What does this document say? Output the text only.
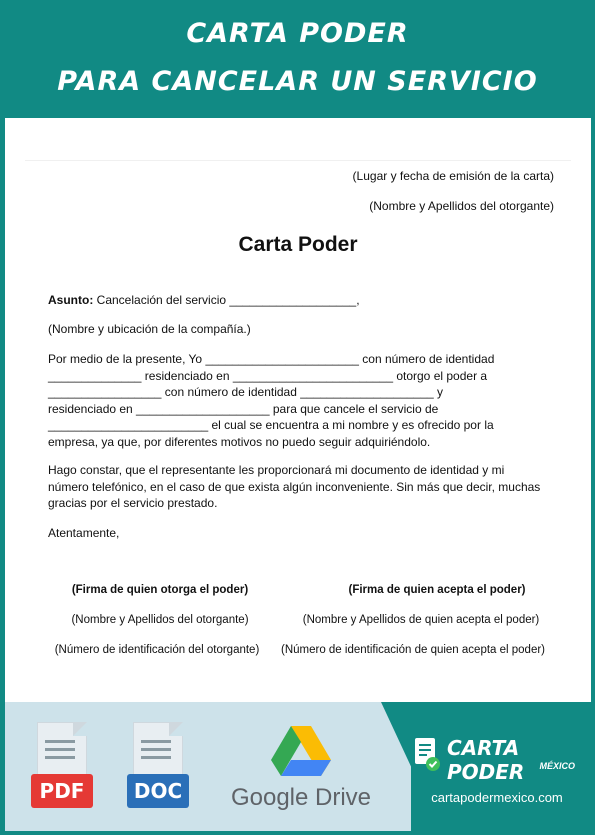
CARTA PODER
PARA CANCELAR UN SERVICIO

(Lugar y fecha de emisión de la carta)

(Nombre y Apellidos del otorgante)

Carta Poder

Asunto: Cancelación del servicio ___________________,

(Nombre y ubicación de la compañía.)

Por medio de la presente, Yo _______________________ con número de identidad

______________ residenciado en ________________________ otorgo el poder a

_________________ con número de identidad ____________________ y

residenciado en ____________________ para que cancele el servicio de

________________________ el cual se encuentra a mi nombre y es ofrecido por la

empresa, ya que, por diferentes motivos no puedo seguir adquiriéndolo.

Hago constar, que el representante les proporcionará mi documento de identidad y mi

número telefónico, en el caso de que exista algún inconveniente. Sin más que decir, muchas

gracias por el servicio prestado.

Atentamente,

(Firma de quien otorga el poder)	(Firma de quien acepta el poder)
(Nombre y Apellidos del otorgante)	(Nombre y Apellidos de quien acepta el poder)
(Número de identificación del otorgante)	(Número de identificación de quien acepta el poder)
PDF	DOC	Google Drive
CARTA PODER	MÉXICO
cartapodermexico.com
